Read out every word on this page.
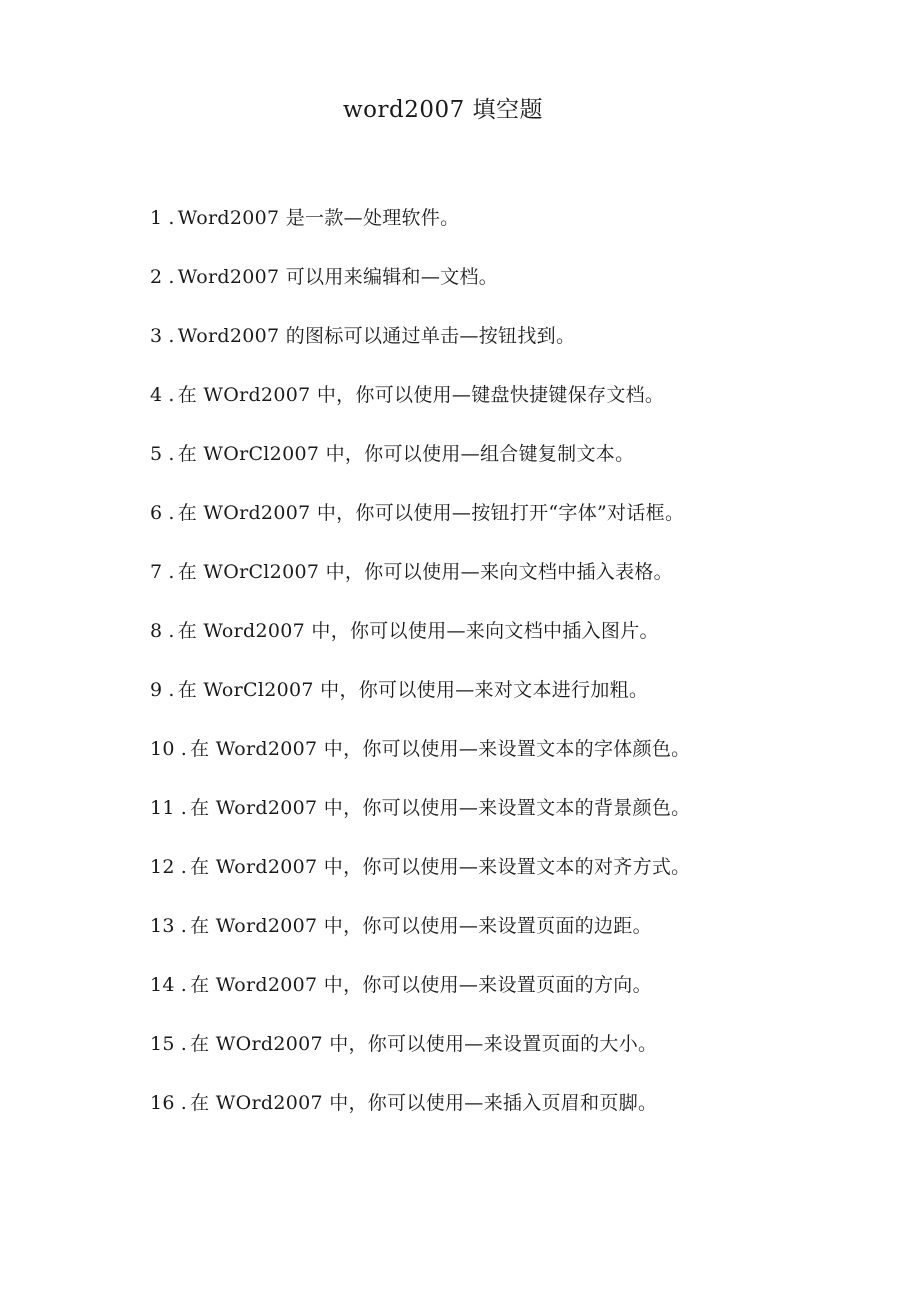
word2007 填空题
1 . Word2007 是一款—处理软件。
2 . Word2007 可以用来编辑和—文档。
3 . Word2007 的图标可以通过单击—按钮找到。
4 . 在 WOrd2007 中，你可以使用—键盘快捷键保存文档。
5 . 在 WOrCl2007 中，你可以使用—组合键复制文本。
6 . 在 WOrd2007 中，你可以使用—按钮打开“字体”对话框。
7 . 在 WOrCl2007 中，你可以使用—来向文档中插入表格。
8 . 在 Word2007 中，你可以使用—来向文档中插入图片。
9 . 在 WorCl2007 中，你可以使用—来对文本进行加粗。
10 . 在 Word2007 中，你可以使用—来设置文本的字体颜色。
11 . 在 Word2007 中，你可以使用—来设置文本的背景颜色。
12 . 在 Word2007 中，你可以使用—来设置文本的对齐方式。
13 . 在 Word2007 中，你可以使用—来设置页面的边距。
14 . 在 Word2007 中，你可以使用—来设置页面的方向。
15 . 在 WOrd2007 中，你可以使用—来设置页面的大小。
16 . 在 WOrd2007 中，你可以使用—来插入页眉和页脚。
